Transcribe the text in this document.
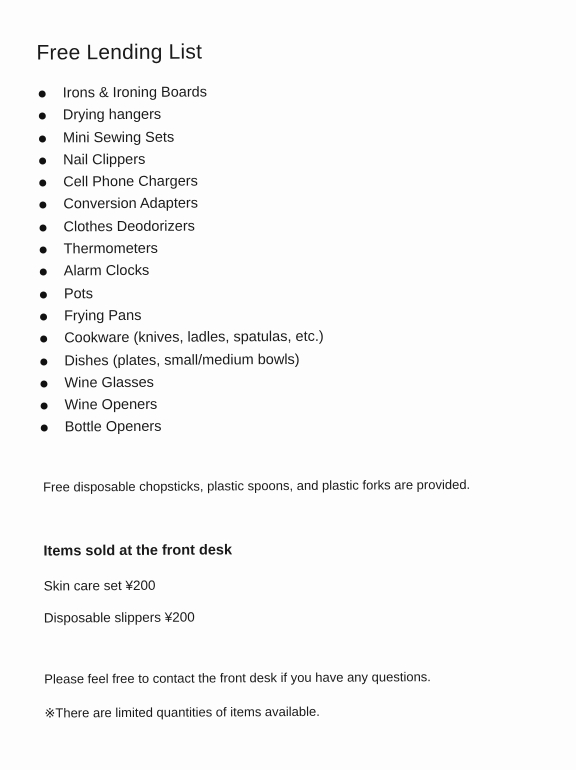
Free Lending List
Irons & Ironing Boards
Drying hangers
Mini Sewing Sets
Nail Clippers
Cell Phone Chargers
Conversion Adapters
Clothes Deodorizers
Thermometers
Alarm Clocks
Pots
Frying Pans
Cookware (knives, ladles, spatulas, etc.)
Dishes (plates, small/medium bowls)
Wine Glasses
Wine Openers
Bottle Openers

Free disposable chopsticks, plastic spoons, and plastic forks are provided.

Items sold at the front desk

Skin care set ¥200

Disposable slippers ¥200

Please feel free to contact the front desk if you have any questions.

※There are limited quantities of items available.
